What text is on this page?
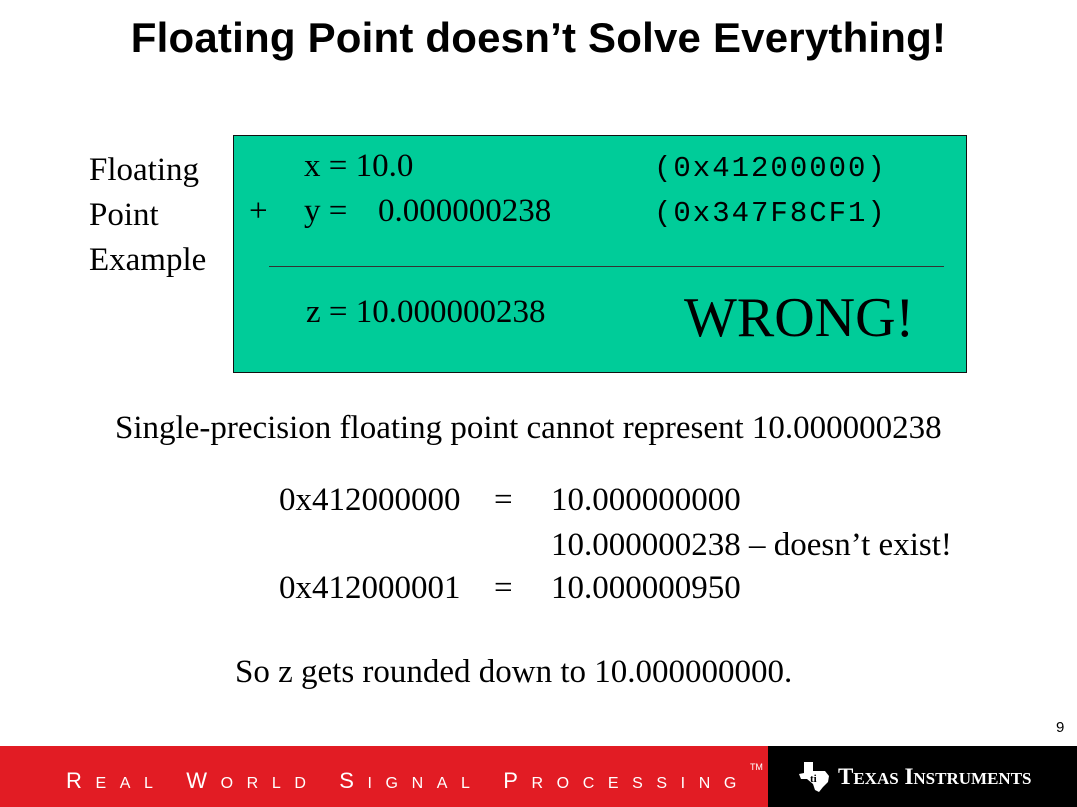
Floating Point doesn’t Solve Everything!
Floating
Point
Example
x = 10.0	(0x41200000)
+ y = 0.000000238	(0x347F8CF1)
z = 10.000000238 WRONG!
Single-precision floating point cannot represent 10.000000238
0x412000000 = 10.000000000
10.000000238 – doesn’t exist!
0x412000001 = 10.000000950
So z gets rounded down to 10.000000000.
9
REAL WORLD SIGNAL PROCESSING™
ti TEXAS INSTRUMENTS
